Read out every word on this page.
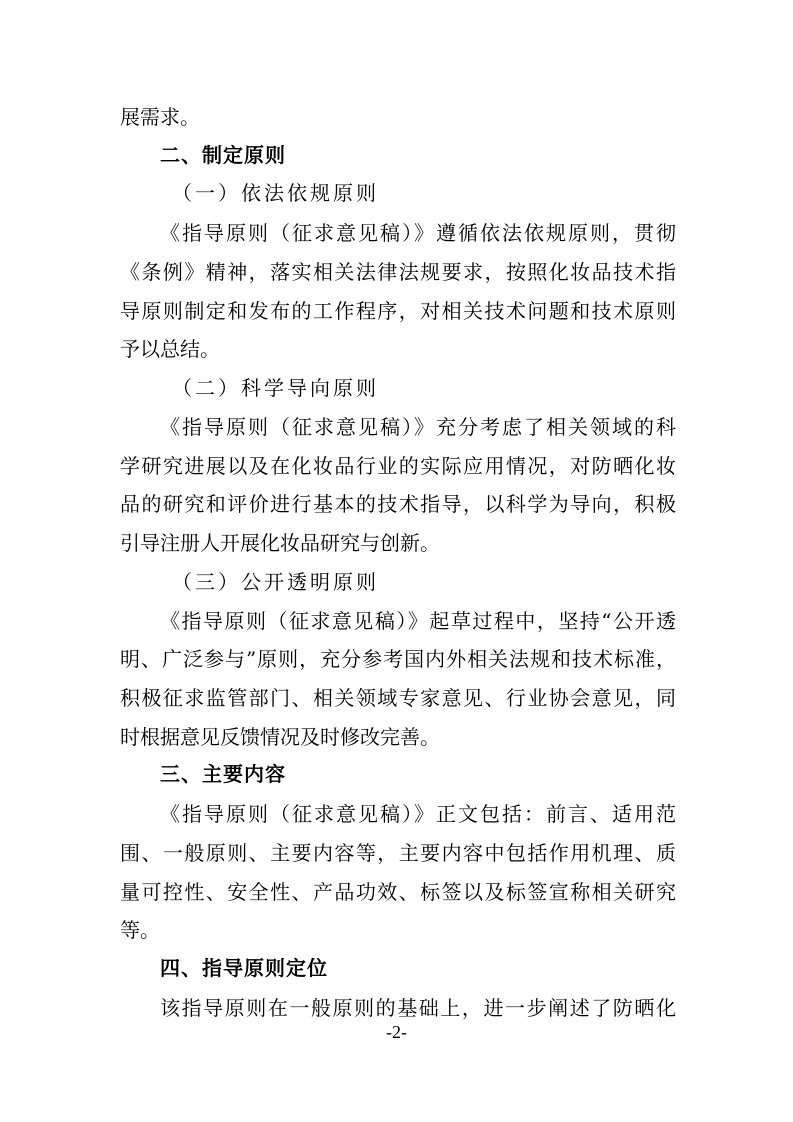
展需求。

二、制定原则

（一）依法依规原则

《指导原则（征求意见稿）》遵循依法依规原则，贯彻

《条例》精神，落实相关法律法规要求，按照化妆品技术指

导原则制定和发布的工作程序，对相关技术问题和技术原则

予以总结。

（二）科学导向原则

《指导原则（征求意见稿）》充分考虑了相关领域的科

学研究进展以及在化妆品行业的实际应用情况，对防晒化妆

品的研究和评价进行基本的技术指导，以科学为导向，积极

引导注册人开展化妆品研究与创新。

（三）公开透明原则

《指导原则（征求意见稿）》起草过程中，坚持“公开透

明、广泛参与”原则，充分参考国内外相关法规和技术标准，

积极征求监管部门、相关领域专家意见、行业协会意见，同

时根据意见反馈情况及时修改完善。

三、主要内容

《指导原则（征求意见稿）》正文包括：前言、适用范

围、一般原则、主要内容等，主要内容中包括作用机理、质

量可控性、安全性、产品功效、标签以及标签宣称相关研究

等。

四、指导原则定位

该指导原则在一般原则的基础上，进一步阐述了防晒化

-2-
